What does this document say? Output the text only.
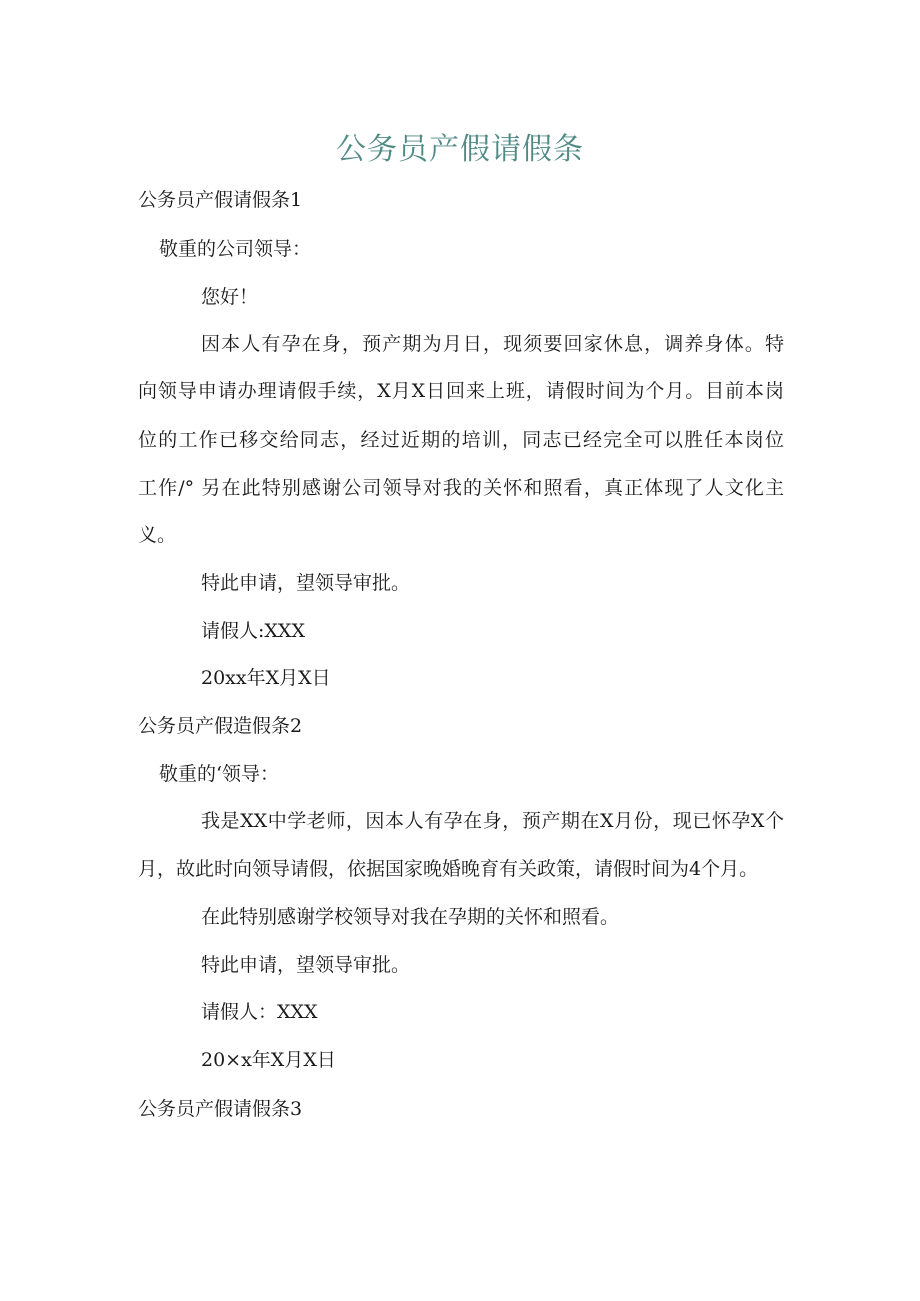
公务员产假请假条
公务员产假请假条1
敬重的公司领导：
您好！
因本人有孕在身，预产期为月日，现须要回家休息，调养身体。特
向领导申请办理请假手续，X月X日回来上班，请假时间为个月。目前本岗
位的工作已移交给同志，经过近期的培训，同志已经完全可以胜任本岗位
工作/° 另在此特别感谢公司领导对我的关怀和照看，真正体现了人文化主
义。
特此申请，望领导审批。
请假人:XXX
20xx年X月X日
公务员产假造假条2
敬重的‘领导：
我是XX中学老师，因本人有孕在身，预产期在X月份，现已怀孕X个
月，故此时向领导请假，依据国家晚婚晚育有关政策，请假时间为4个月。
在此特别感谢学校领导对我在孕期的关怀和照看。
特此申请，望领导审批。
请假人：XXX
20×x年X月X日
公务员产假请假条3
